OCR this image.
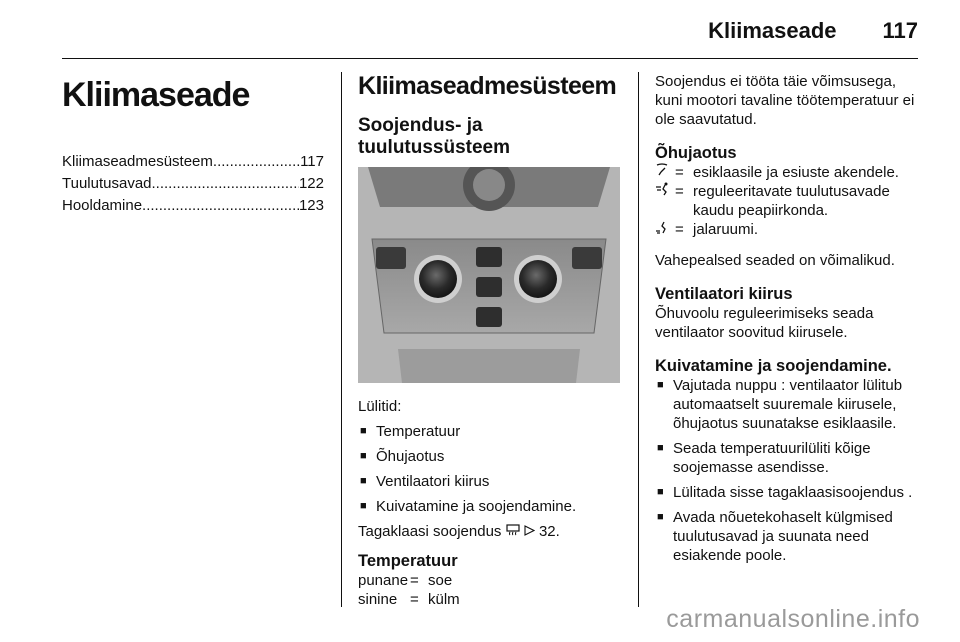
Kliimaseade 117
Kliimaseade
Kliimaseadmesüsteem .....	117
Tuulutusavad .....	122
Hooldamine .....	123
Kliimaseadmesüsteem
Soojendus- ja tuulutussüsteem

Lülitid:

■ Temperatuur
■ Õhujaotus
■ Ventilaatori kiirus
■ Kuivatamine ja soojendamine.

Tagaklaasi soojendus	32.

Temperatuur
punane = soe
sinine = külm

Soojendus ei tööta täie võimsusega, kuni mootori tavaline töötemperatuur ei ole saavutatud.

Õhujaotus
= esiklaasile ja esiuste akendele.
= reguleeritavate tuulutusavade kaudu peapiirkonda.
= jalaruumi.

Vahepealsed seaded on võimalikud.

Ventilaatori kiirus

Õhuvoolu reguleerimiseks seada ventilaator soovitud kiirusele.

Kuivatamine ja soojendamine.
■ Vajutada nuppu : ventilaator lülitub automaatselt suuremale kiirusele, õhujaotus suunatakse esiklaasile.
■ Seada temperatuurilüliti kõige soojemasse asendisse.
■ Lülitada sisse tagaklaasisoojendus .
■ Avada nõuetekohaselt külgmised tuulutusavad ja suunata need esiakende poole.
carmanualsonline.info
